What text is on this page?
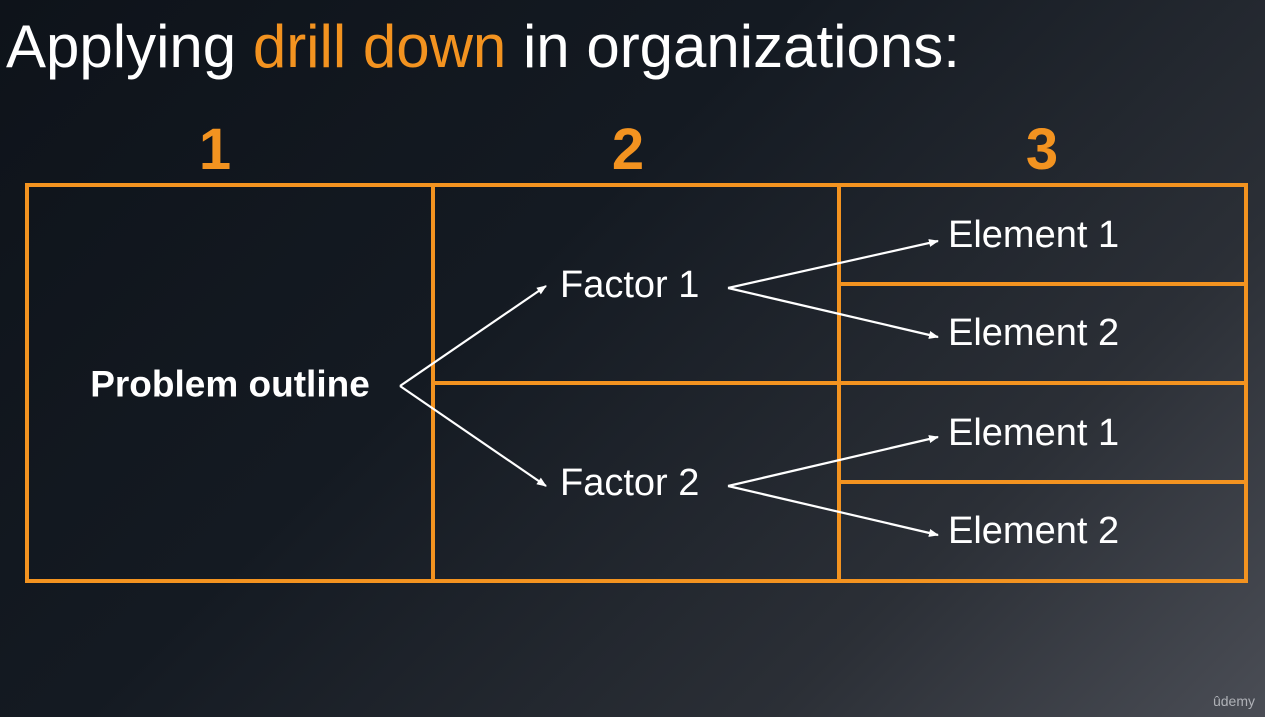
Applying drill down in organizations:
1	2	3
Problem outline
Factor 1
Factor 2
Element 1
Element 2
Element 1
Element 2
ûdemy
